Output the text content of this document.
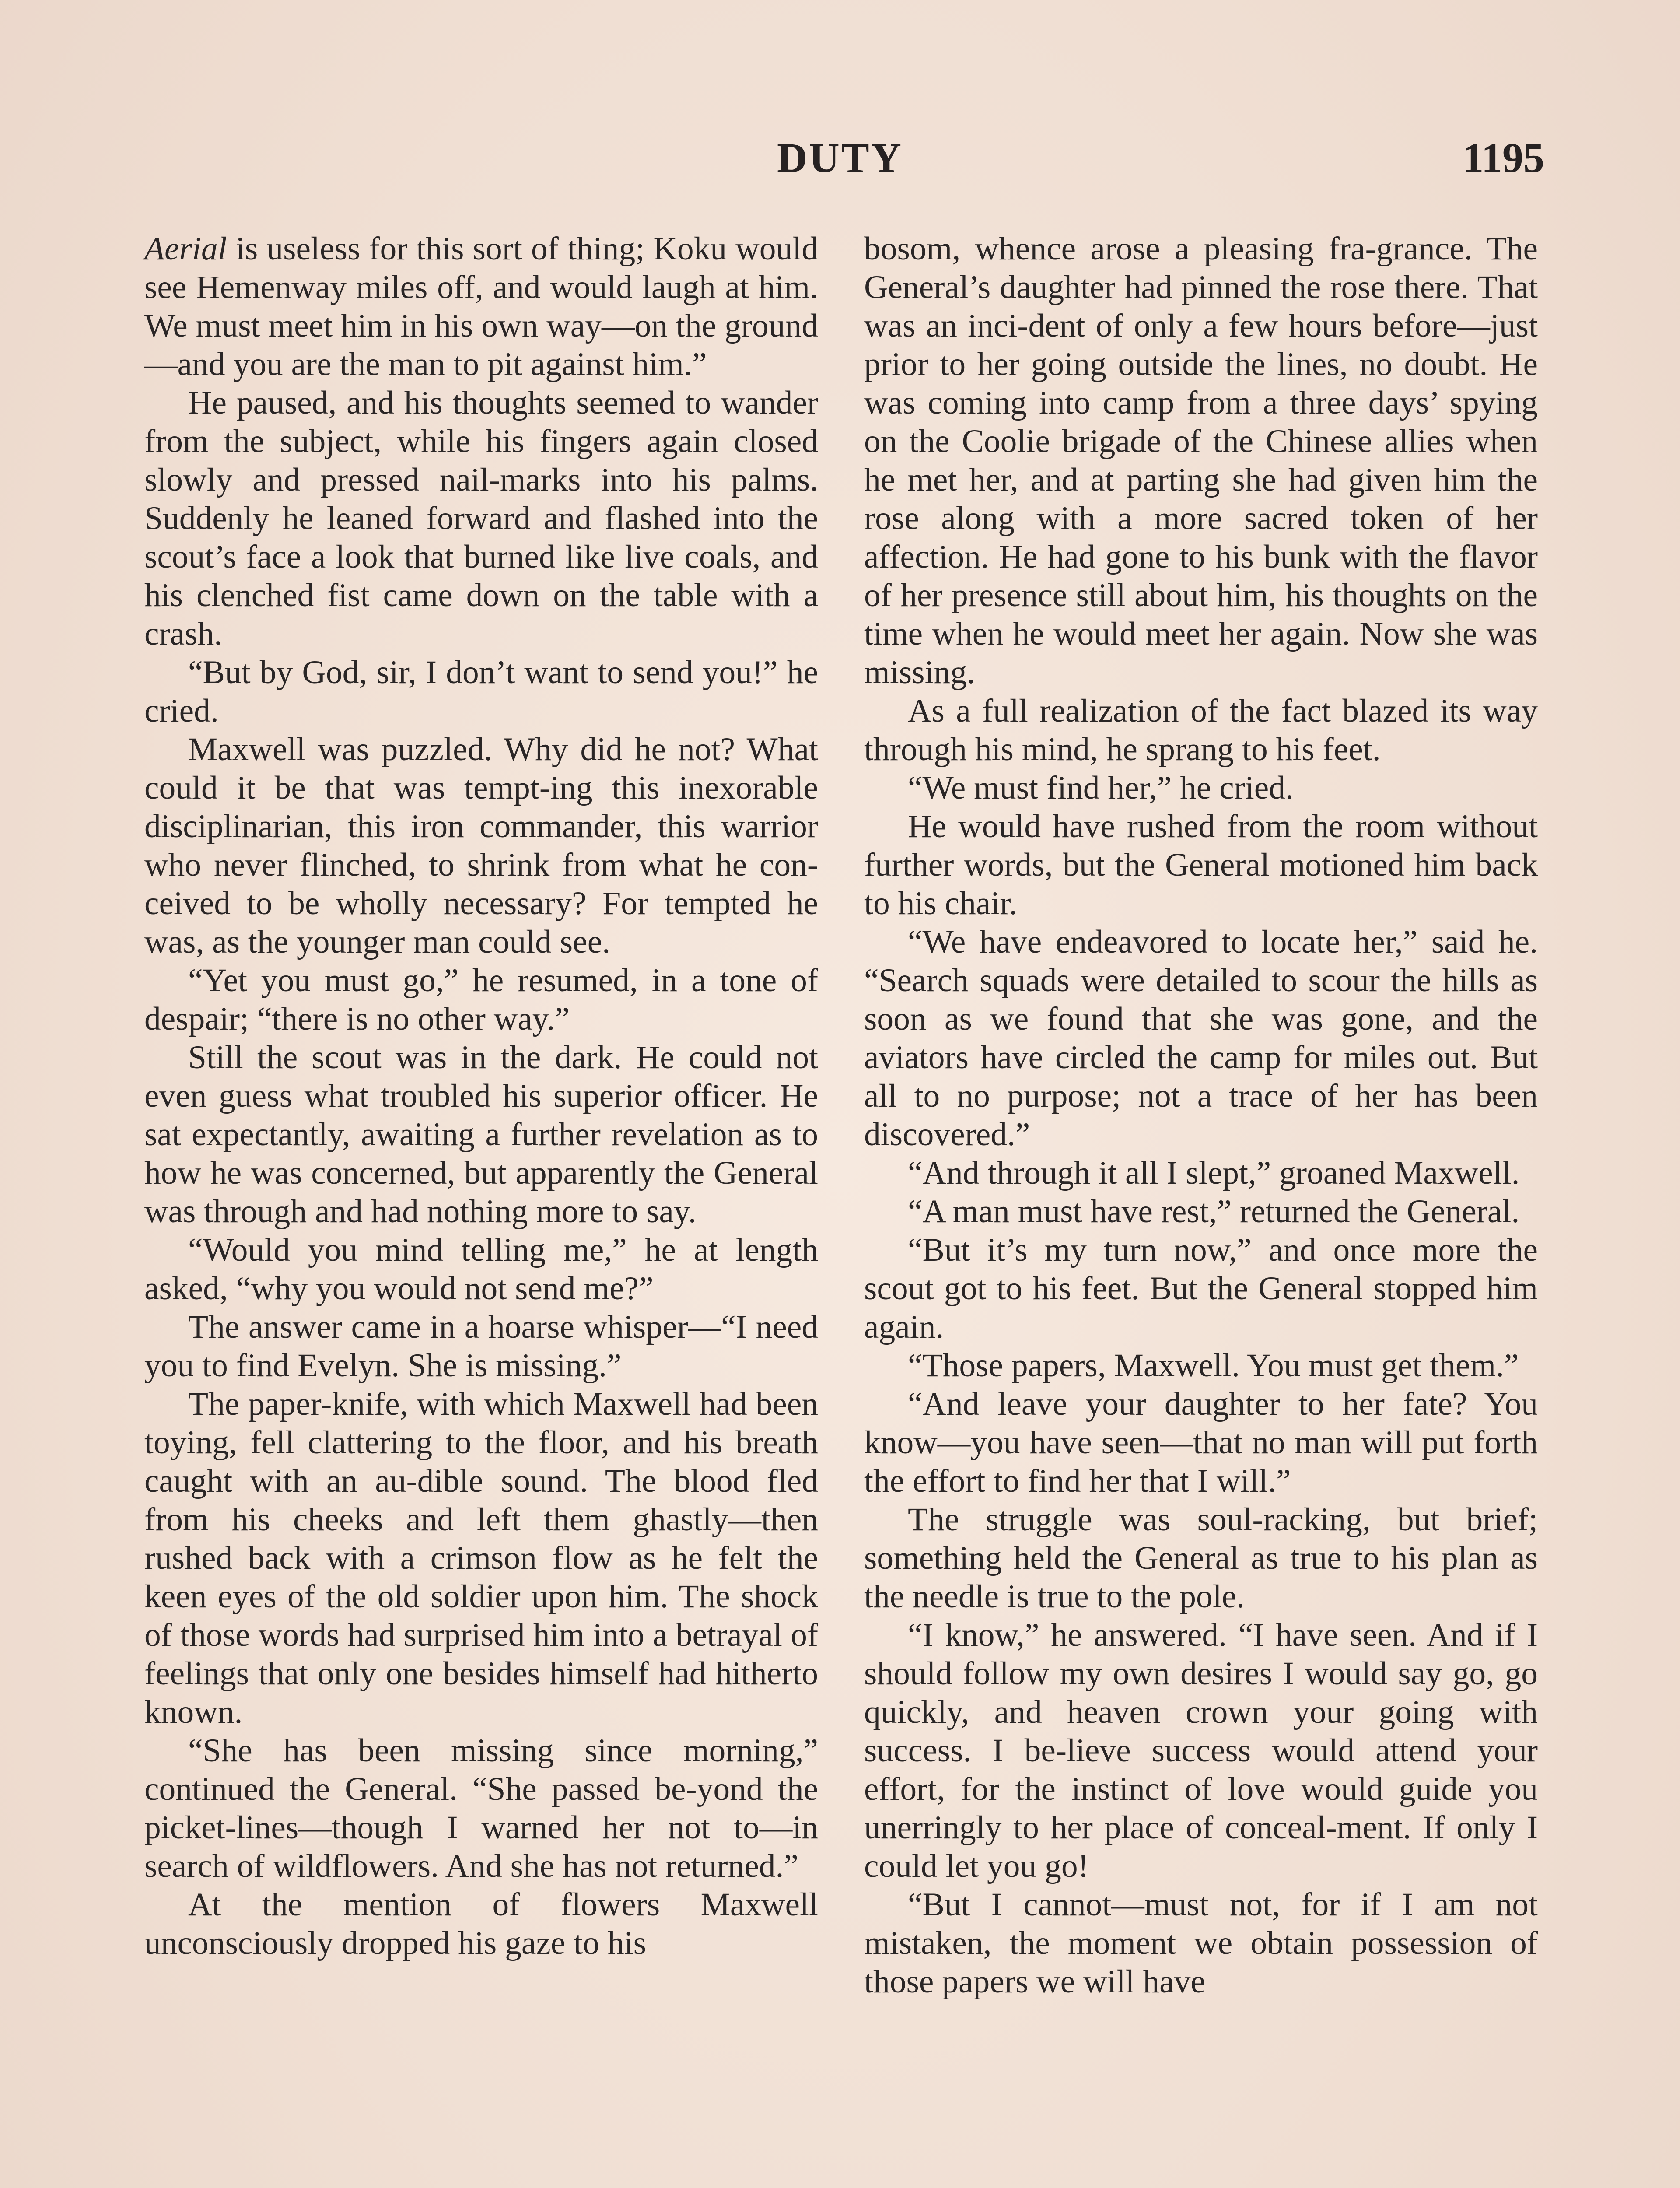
DUTY	1195

Aerial is useless for this sort of thing; Koku would see Hemenway miles off, and would laugh at him. We must meet him in his own way—on the ground—and you are the man to pit against him.”

He paused, and his thoughts seemed to wander from the subject, while his fingers again closed slowly and pressed nail-marks into his palms. Suddenly he leaned forward and flashed into the scout’s face a look that burned like live coals, and his clenched fist came down on the table with a crash.

“But by God, sir, I don’t want to send you!” he cried.

Maxwell was puzzled. Why did he not? What could it be that was tempt-ing this inexorable disciplinarian, this iron commander, this warrior who never flinched, to shrink from what he con-ceived to be wholly necessary? For tempted he was, as the younger man could see.

“Yet you must go,” he resumed, in a tone of despair; “there is no other way.”

Still the scout was in the dark. He could not even guess what troubled his superior officer. He sat expectantly, awaiting a further revelation as to how he was concerned, but apparently the General was through and had nothing more to say.

“Would you mind telling me,” he at length asked, “why you would not send me?”

The answer came in a hoarse whisper—“I need you to find Evelyn. She is missing.”

The paper-knife, with which Maxwell had been toying, fell clattering to the floor, and his breath caught with an au-dible sound. The blood fled from his cheeks and left them ghastly—then rushed back with a crimson flow as he felt the keen eyes of the old soldier upon him. The shock of those words had surprised him into a betrayal of feelings that only one besides himself had hitherto known.

“She has been missing since morning,” continued the General. “She passed be-yond the picket-lines—though I warned her not to—in search of wildflowers. And she has not returned.”

At the mention of flowers Maxwell unconsciously dropped his gaze to his

bosom, whence arose a pleasing fra-grance. The General’s daughter had pinned the rose there. That was an inci-dent of only a few hours before—just prior to her going outside the lines, no doubt. He was coming into camp from a three days’ spying on the Coolie brigade of the Chinese allies when he met her, and at parting she had given him the rose along with a more sacred token of her affection. He had gone to his bunk with the flavor of her presence still about him, his thoughts on the time when he would meet her again. Now she was missing.

As a full realization of the fact blazed its way through his mind, he sprang to his feet.

“We must find her,” he cried.

He would have rushed from the room without further words, but the General motioned him back to his chair.

“We have endeavored to locate her,” said he. “Search squads were detailed to scour the hills as soon as we found that she was gone, and the aviators have circled the camp for miles out. But all to no purpose; not a trace of her has been discovered.”

“And through it all I slept,” groaned Maxwell.

“A man must have rest,” returned the General.

“But it’s my turn now,” and once more the scout got to his feet. But the General stopped him again.

“Those papers, Maxwell. You must get them.”

“And leave your daughter to her fate? You know—you have seen—that no man will put forth the effort to find her that I will.”

The struggle was soul-racking, but brief; something held the General as true to his plan as the needle is true to the pole.

“I know,” he answered. “I have seen. And if I should follow my own desires I would say go, go quickly, and heaven crown your going with success. I be-lieve success would attend your effort, for the instinct of love would guide you unerringly to her place of conceal-ment. If only I could let you go!

“But I cannot—must not, for if I am not mistaken, the moment we obtain possession of those papers we will have
